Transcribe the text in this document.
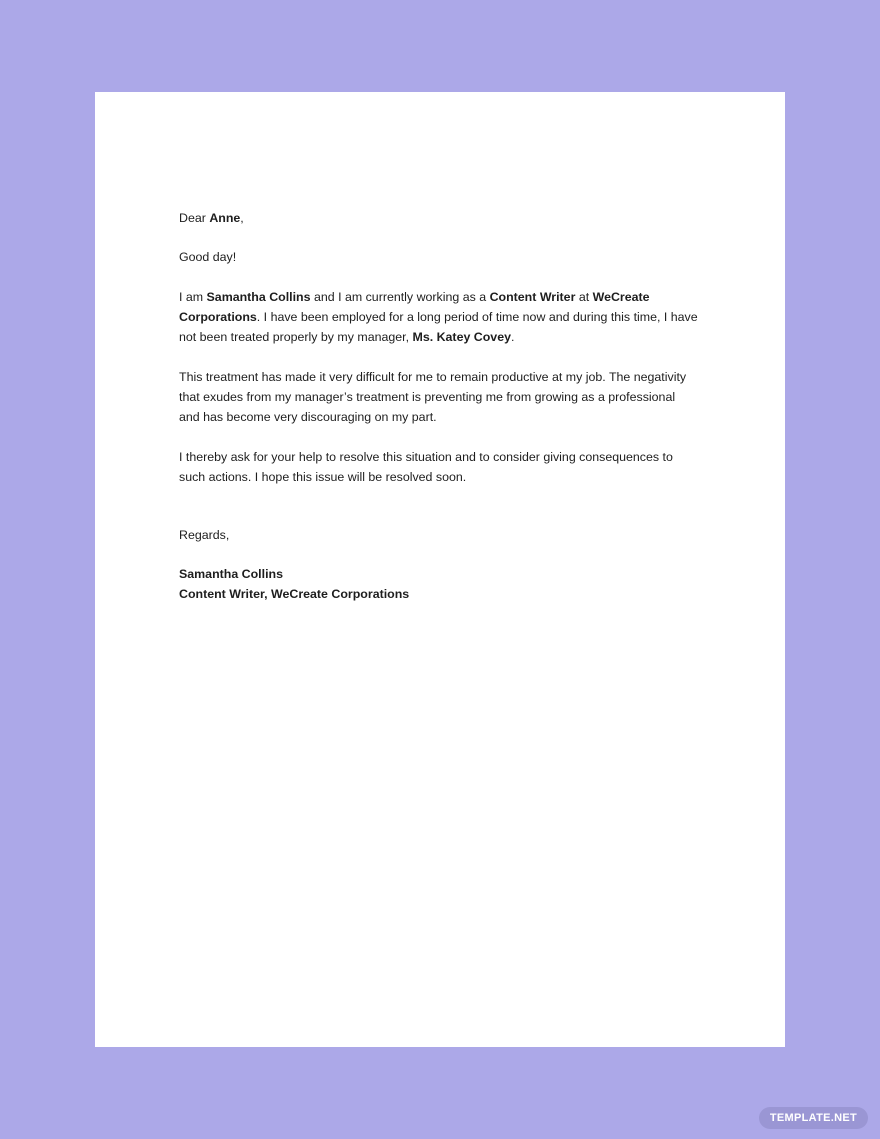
Dear Anne,

Good day!

I am Samantha Collins and I am currently working as a Content Writer at WeCreate Corporations. I have been employed for a long period of time now and during this time, I have not been treated properly by my manager, Ms. Katey Covey.

This treatment has made it very difficult for me to remain productive at my job. The negativity that exudes from my manager’s treatment is preventing me from growing as a professional and has become very discouraging on my part.

I thereby ask for your help to resolve this situation and to consider giving consequences to such actions. I hope this issue will be resolved soon.

Regards,

Samantha Collins

Content Writer, WeCreate Corporations

TEMPLATE.NET
